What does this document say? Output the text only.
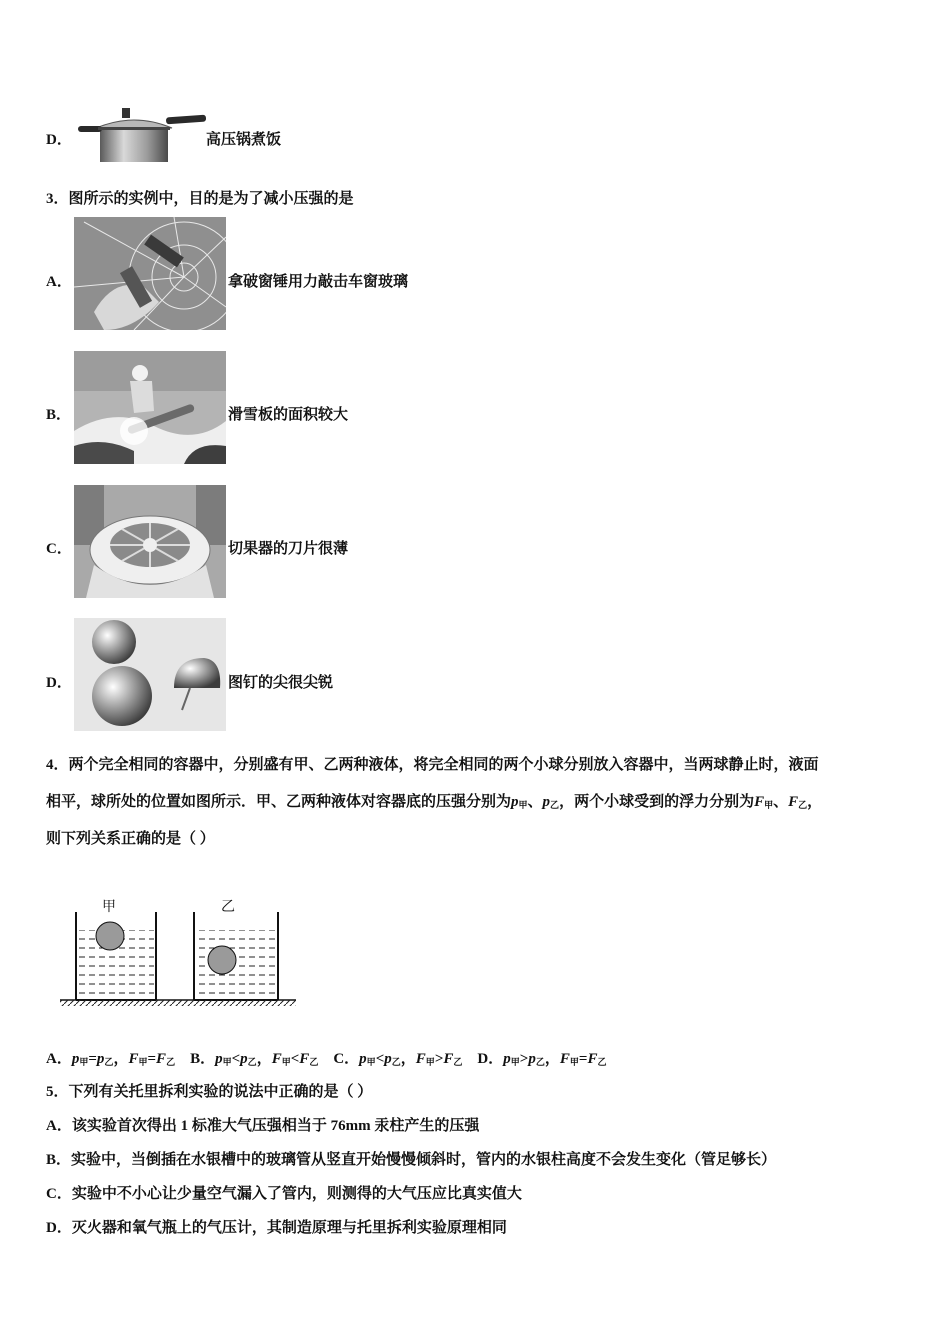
D．	高压锅煮饭
3．图所示的实例中，目的是为了减小压强的是
A．	拿破窗锤用力敲击车窗玻璃
B．	滑雪板的面积较大
C．	切果器的刀片很薄
D．	图钉的尖很尖锐
4．两个完全相同的容器中，分别盛有甲、乙两种液体，将完全相同的两个小球分别放入容器中，当两球静止时，液面
相平，球所处的位置如图所示．甲、乙两种液体对容器底的压强分别为$p_甲$、$p_乙$，两个小球受到的浮力分别为$F_甲$、$F_乙$，
则下列关系正确的是（ ）
甲	乙
A．$p_甲=p_乙$，$F_甲=F_乙$ B．$p_甲<p_乙$，$F_甲<F_乙$ C．$p_甲<p_乙$，$F_甲>F_乙$ D．$p_甲>p_乙$，$F_甲=F_乙$
5．下列有关托里拆利实验的说法中正确的是（ ）
A．该实验首次得出 1 标准大气压强相当于 76mm 汞柱产生的压强
B．实验中，当倒插在水银槽中的玻璃管从竖直开始慢慢倾斜时，管内的水银柱高度不会发生变化（管足够长）
C．实验中不小心让少量空气漏入了管内，则测得的大气压应比真实值大
D．灭火器和氧气瓶上的气压计，其制造原理与托里拆利实验原理相同
